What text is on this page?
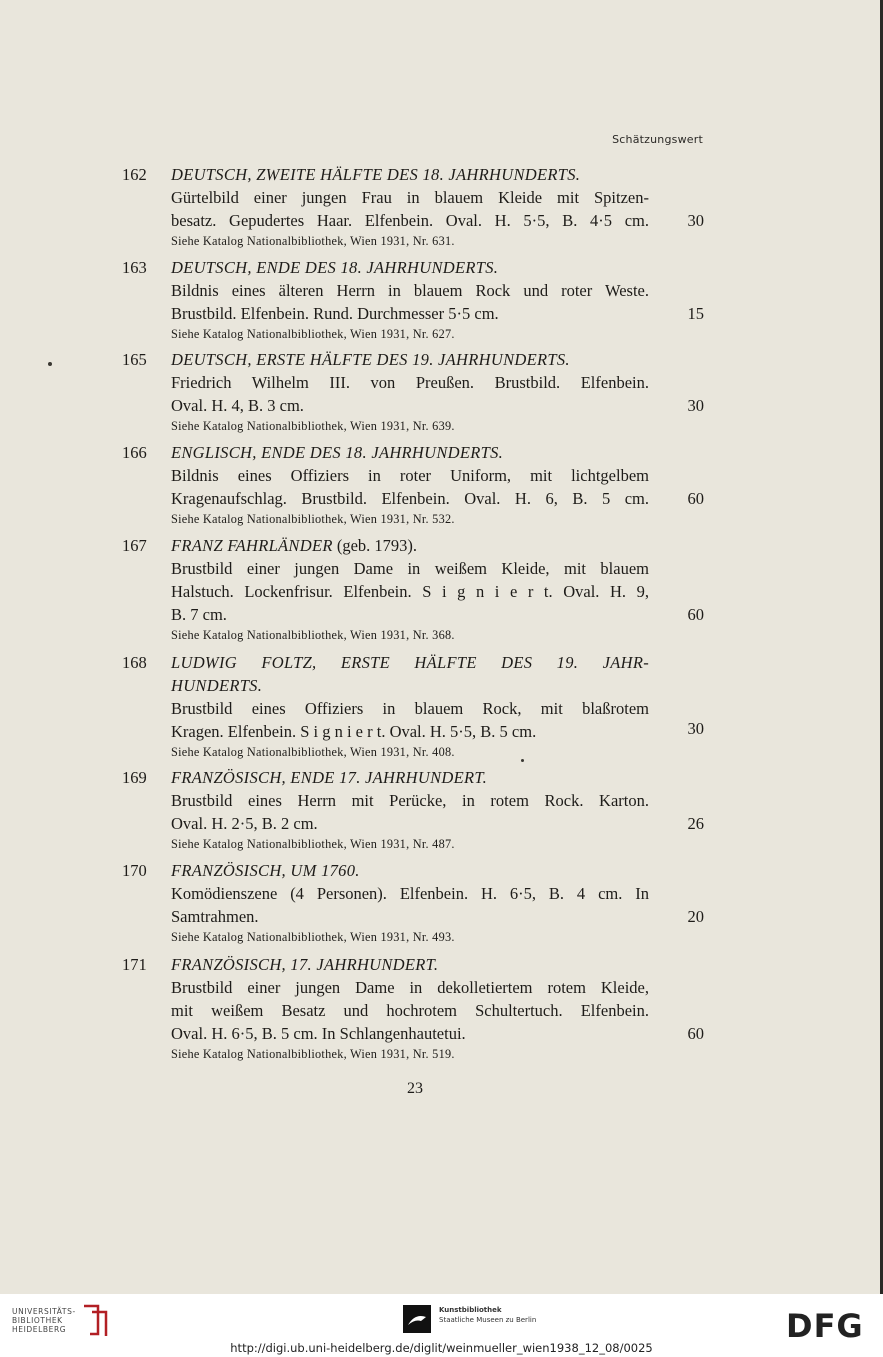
Schätzungswert
162	DEUTSCH, ZWEITE HÄLFTE DES 18. JAHRHUNDERTS.
Gürtelbild einer jungen Frau in blauem Kleide mit Spitzen-
besatz. Gepudertes Haar. Elfenbein. Oval. H. 5·5, B. 4·5 cm.
Siehe Katalog Nationalbibliothek, Wien 1931, Nr. 631.
30
163	DEUTSCH, ENDE DES 18. JAHRHUNDERTS.
Bildnis eines älteren Herrn in blauem Rock und roter Weste.
Brustbild. Elfenbein. Rund. Durchmesser 5·5 cm.
Siehe Katalog Nationalbibliothek, Wien 1931, Nr. 627.
15
165	DEUTSCH, ERSTE HÄLFTE DES 19. JAHRHUNDERTS.
Friedrich Wilhelm III. von Preußen. Brustbild. Elfenbein.
Oval. H. 4, B. 3 cm.
Siehe Katalog Nationalbibliothek, Wien 1931, Nr. 639.
30
166	ENGLISCH, ENDE DES 18. JAHRHUNDERTS.
Bildnis eines Offiziers in roter Uniform, mit lichtgelbem
Kragenaufschlag. Brustbild. Elfenbein. Oval. H. 6, B. 5 cm.
Siehe Katalog Nationalbibliothek, Wien 1931, Nr. 532.
60
167	FRANZ FAHRLÄNDER (geb. 1793).
Brustbild einer jungen Dame in weißem Kleide, mit blauem
Halstuch. Lockenfrisur. Elfenbein. S i g n i e r t. Oval. H. 9,
B. 7 cm.
Siehe Katalog Nationalbibliothek, Wien 1931, Nr. 368.
60
168	LUDWIG FOLTZ, ERSTE HÄLFTE DES 19. JAHR-
HUNDERTS.
Brustbild eines Offiziers in blauem Rock, mit blaßrotem
Kragen. Elfenbein. S i g n i e r t. Oval. H. 5·5, B. 5 cm.
Siehe Katalog Nationalbibliothek, Wien 1931, Nr. 408.
30
169	FRANZÖSISCH, ENDE 17. JAHRHUNDERT.
Brustbild eines Herrn mit Perücke, in rotem Rock. Karton.
Oval. H. 2·5, B. 2 cm.
Siehe Katalog Nationalbibliothek, Wien 1931, Nr. 487.
26
170	FRANZÖSISCH, UM 1760.
Komödienszene (4 Personen). Elfenbein. H. 6·5, B. 4 cm. In
Samtrahmen.
Siehe Katalog Nationalbibliothek, Wien 1931, Nr. 493.
20
171	FRANZÖSISCH, 17. JAHRHUNDERT.
Brustbild einer jungen Dame in dekolletiertem rotem Kleide,
mit weißem Besatz und hochrotem Schultertuch. Elfenbein.
Oval. H. 6·5, B. 5 cm. In Schlangenhautetui.
Siehe Katalog Nationalbibliothek, Wien 1931, Nr. 519.
60
23
UNIVERSITÄTS-
BIBLIOTHEK
HEIDELBERG
Kunstbibliothek
Staatliche Museen zu Berlin	DFG
http://digi.ub.uni-heidelberg.de/diglit/weinmueller_wien1938_12_08/0025
